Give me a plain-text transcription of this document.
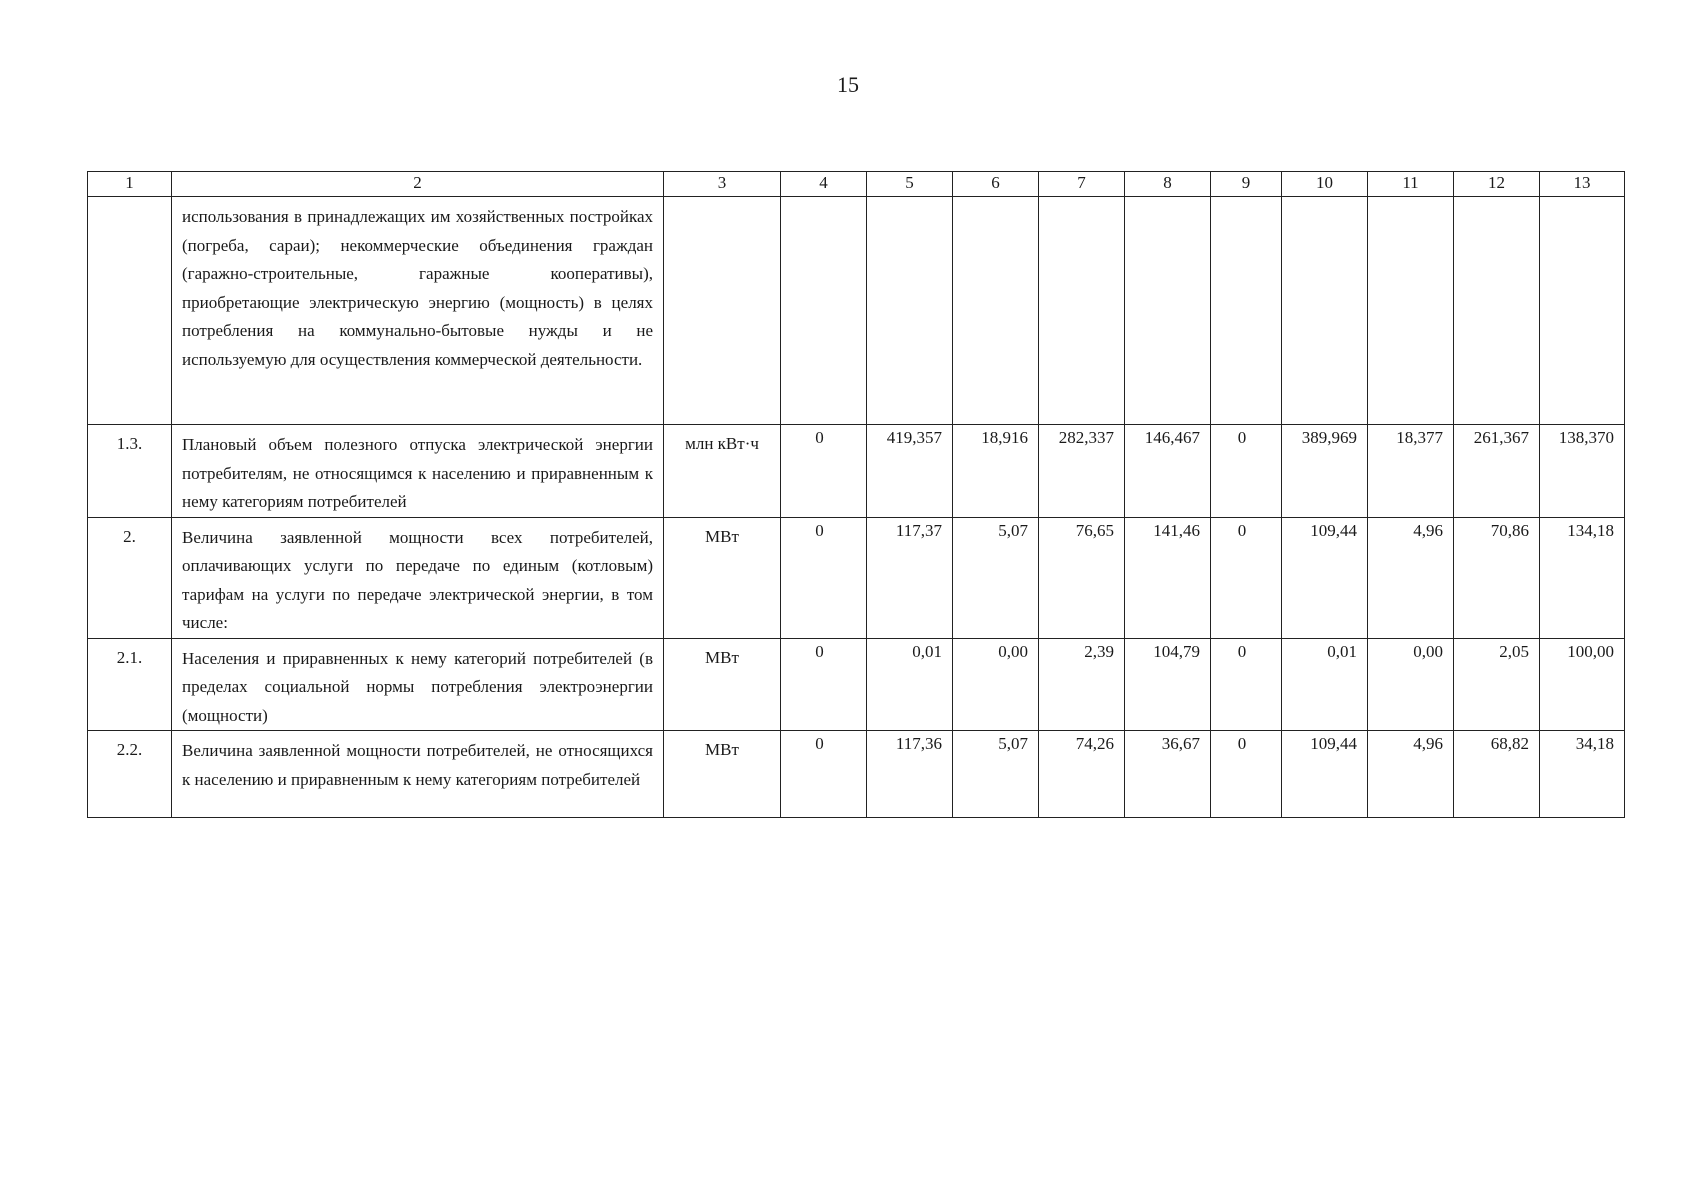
15
1	2	3	4	5	6	7	8	9	10	11	12	13
	использования в принадлежащих им хозяйственных постройках (погреба, сараи); некоммерческие объединения граждан (гаражно-строительные, гаражные кооперативы), приобретающие электрическую энергию (мощность) в целях потребления на коммунально-бытовые нужды и не используемую для осуществления коммерческой деятельности.		

1.3.	Плановый объем полезного отпуска электрической энергии потребителям, не относящимся к населению и приравненным к нему категориям потребителей	млн кВт·ч	0	419,357	18,916	282,337	146,467	0	389,969	18,377	261,367	138,370

2.	Величина заявленной мощности всех потребителей, оплачивающих услуги по передаче по единым (котловым) тарифам на услуги по передаче электрической энергии, в том числе:	МВт	0	117,37	5,07	76,65	141,46	0	109,44	4,96	70,86	134,18

2.1.	Населения и приравненных к нему категорий потребителей (в пределах социальной нормы потребления электроэнергии (мощности)	МВт	0	0,01	0,00	2,39	104,79	0	0,01	0,00	2,05	100,00

2.2.	Величина заявленной мощности потребителей, не относящихся к населению и приравненным к нему категориям потребителей	МВт	0	117,36	5,07	74,26	36,67	0	109,44	4,96	68,82	34,18
